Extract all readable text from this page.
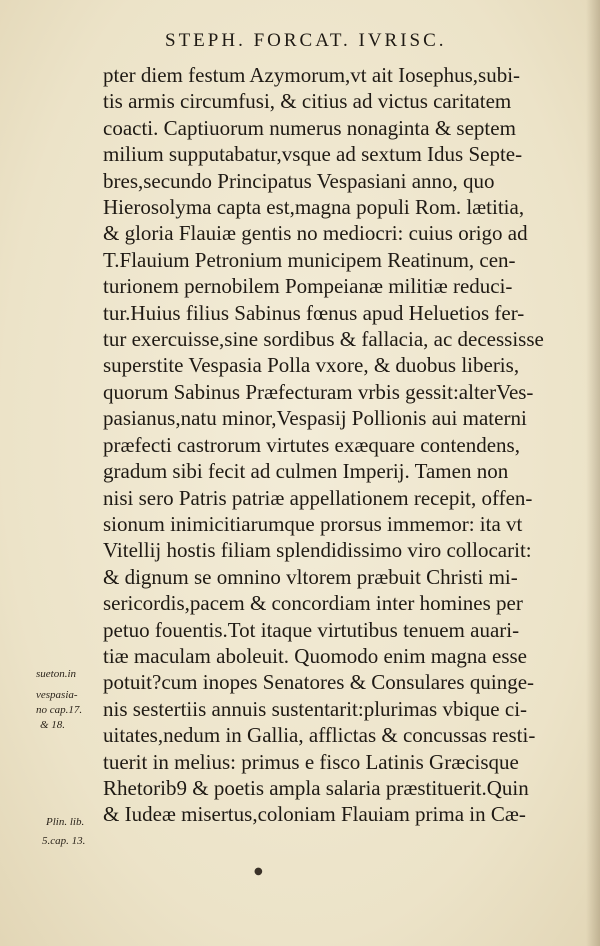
STEPH. FORCAT. IVRISC.
pter diem festum Azymorum,vt ait Iosephus,subi-
tis armis circumfusi, & citius ad victus caritatem
coacti. Captiuorum numerus nonaginta & septem
milium supputabatur,vsque ad sextum Idus Septe-
bres,secundo Principatus Vespasiani anno, quo
Hierosolyma capta est,magna populi Rom. lætitia,
& gloria Flauiæ gentis no mediocri: cuius origo ad
T.Flauium Petronium municipem Reatinum, cen-
turionem pernobilem Pompeianæ militiæ reduci-
tur.Huius filius Sabinus fœnus apud Heluetios fer-
tur exercuisse,sine sordibus & fallacia, ac decessisse
superstite Vespasia Polla vxore, & duobus liberis,
quorum Sabinus Præfecturam vrbis gessit:alterVes-
pasianus,natu minor,Vespasij Pollionis aui materni
præfecti castrorum virtutes exæquare contendens,
gradum sibi fecit ad culmen Imperij. Tamen non
nisi sero Patris patriæ appellationem recepit, offen-
sionum inimicitiarumque prorsus immemor: ita vt
Vitellij hostis filiam splendidissimo viro collocarit:
& dignum se omnino vltorem præbuit Christi mi-
sericordis,pacem & concordiam inter homines per
petuo fouentis.Tot itaque virtutibus tenuem auari-
tiæ maculam aboleuit. Quomodo enim magna esse
potuit?cum inopes Senatores & Consulares quinge-
nis sestertiis annuis sustentarit:plurimas vbique ci-
uitates,nedum in Gallia, afflictas & concussas resti-
tuerit in melius: primus e fisco Latinis Græcisque
Rhetorib9 & poetis ampla salaria præstituerit.Quin
& Iudeæ misertus,coloniam Flauiam prima in Cæ-
sueton.in
vespasia-
no cap.17.
& 18.
Plin. lib.
5.cap. 13.
●
